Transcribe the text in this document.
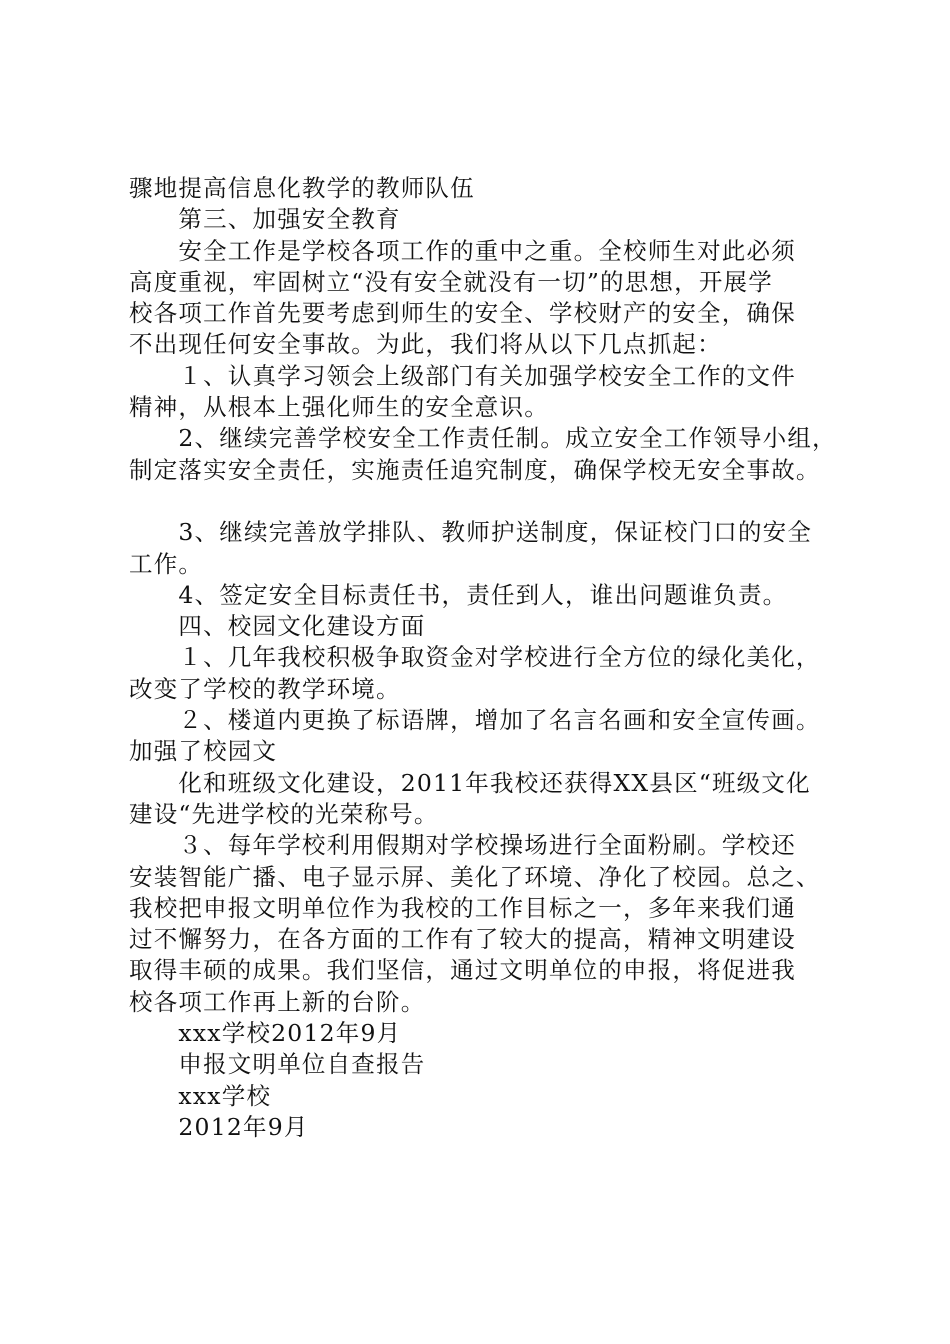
骤地提高信息化教学的教师队伍
　　第三、加强安全教育
　　安全工作是学校各项工作的重中之重。全校师生对此必须
高度重视，牢固树立“没有安全就没有一切”的思想，开展学
校各项工作首先要考虑到师生的安全、学校财产的安全，确保
不出现任何安全事故。为此，我们将从以下几点抓起：
　　１、认真学习领会上级部门有关加强学校安全工作的文件
精神，从根本上强化师生的安全意识。
　　2、继续完善学校安全工作责任制。成立安全工作领导小组，
制定落实安全责任，实施责任追究制度，确保学校无安全事故。
　　3、继续完善放学排队、教师护送制度，保证校门口的安全
工作。
　　4、签定安全目标责任书，责任到人，谁出问题谁负责。
　　四、校园文化建设方面
　　１、几年我校积极争取资金对学校进行全方位的绿化美化，
改变了学校的教学环境。
　　２、楼道内更换了标语牌，增加了名言名画和安全宣传画。
加强了校园文
　　化和班级文化建设，2011年我校还获得XX县区“班级文化
建设“先进学校的光荣称号。
　　３、每年学校利用假期对学校操场进行全面粉刷。学校还
安装智能广播、电子显示屏、美化了环境、净化了校园。总之、
我校把申报文明单位作为我校的工作目标之一，多年来我们通
过不懈努力，在各方面的工作有了较大的提高，精神文明建设
取得丰硕的成果。我们坚信，通过文明单位的申报，将促进我
校各项工作再上新的台阶。
　　xxx学校2012年9月
　　申报文明单位自查报告
　　xxx学校
　　2012年9月
